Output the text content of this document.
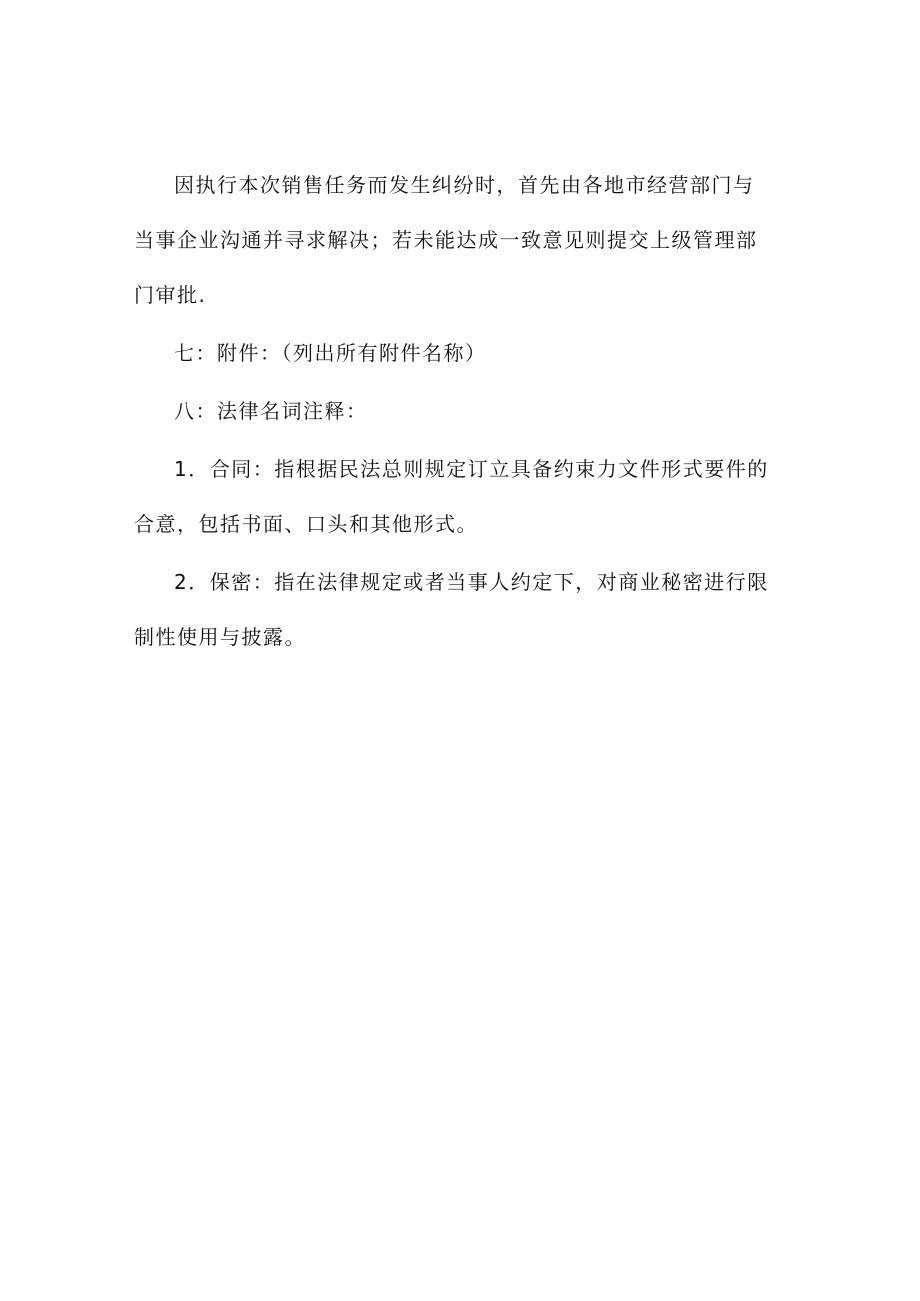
因执行本次销售任务而发生纠纷时，首先由各地市经营部门与当事企业沟通并寻求解决；若未能达成一致意见则提交上级管理部门审批.

七：附件：（列出所有附件名称）

八：法律名词注释：

1．合同：指根据民法总则规定订立具备约束力文件形式要件的合意，包括书面、口头和其他形式。

2．保密：指在法律规定或者当事人约定下，对商业秘密进行限制性使用与披露。
